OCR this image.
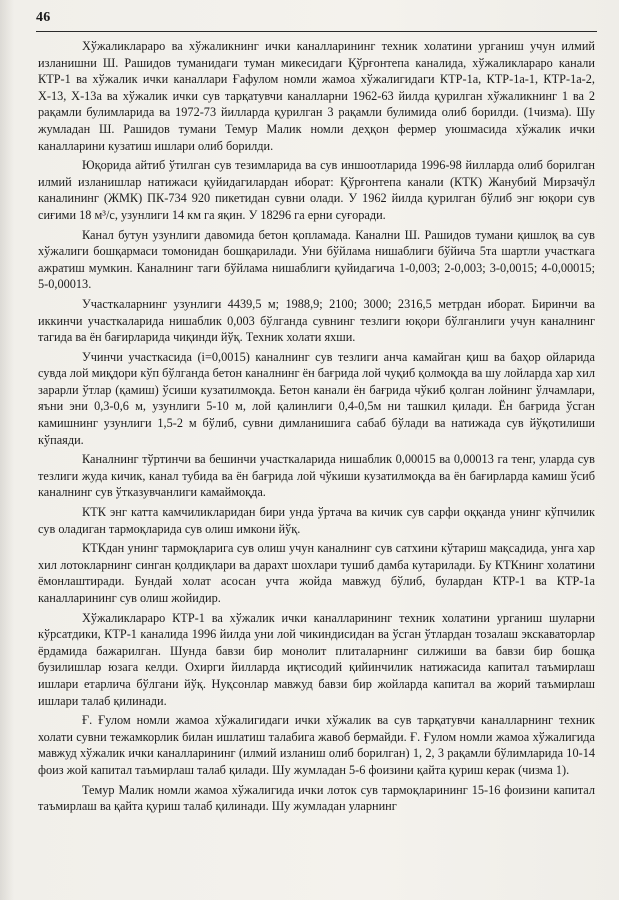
46

Хўжаликлараро ва хўжаликнинг ички каналларининг техник холатини урганиш учун илмий изланишни Ш. Рашидов туманидаги туман микесидаги Қўрғонтепа каналида, хўжаликлараро канали КТР-1 ва хўжалик ички каналлари Ғафулом номли жамоа хўжалигидаги КТР-1а, КТР-1а-1, КТР-1а-2, Х-13, Х-13а ва хўжалик ички сув тарқатувчи каналларни 1962-63 йилда қурилган хўжаликнинг 1 ва 2 рақамли булимларида ва 1972-73 йилларда қурилган 3 рақамли булимида олиб борилди. (1чизма). Шу жумладан Ш. Рашидов тумани Темур Малик номли деҳқон фермер уюшмасида хўжалик ички каналларини кузатиш ишлари олиб борилди.

Юқорида айтиб ўтилган сув тезимларида ва сув иншоотларида 1996-98 йилларда олиб борилган илмий изланишлар натижаси қуйидагилардан иборат: Қўрғонтепа канали (КТК) Жанубий Мирзачўл каналининг (ЖМК) ПК-734 920 пикетидан сувни олади. У 1962 йилда қурилган бўлиб энг юқори сув сиғими 18 м³/с, узунлиги 14 км га яқин. У 18296 га ерни суғоради.

Канал бутун узунлиги давомида бетон қопламада. Канални Ш. Рашидов тумани қишлоқ ва сув хўжалиги бошқармаси томонидан бошқарилади. Уни бўйлама нишаблиги бўйича 5та шартли участкага ажратиш мумкин. Каналнинг таги бўйлама нишаблиги қуйидагича 1-0,003; 2-0,003; 3-0,0015; 4-0,00015; 5-0,00013.

Участкаларнинг узунлиги 4439,5 м; 1988,9; 2100; 3000; 2316,5 метрдан иборат. Биринчи ва иккинчи участкаларида нишаблик 0,003 бўлганда сувнинг тезлиги юқори бўлганлиги учун каналнинг тагида ва ён бағирларида чиқинди йўқ. Техник холати яхши.

Учинчи участкасида (i=0,0015) каналнинг сув тезлиги анча камайган қиш ва баҳор ойларида сувда лой миқдори кўп бўлганда бетон каналнинг ён бағрида лой чуқиб қолмоқда ва шу лойларда хар хил зарарли ўтлар (қамиш) ўсиши кузатилмоқда. Бетон канали ён бағрида чўкиб қолган лойнинг ўлчамлари, яъни эни 0,3-0,6 м, узунлиги 5-10 м, лой қалинлиги 0,4-0,5м ни ташкил қилади. Ён бағрида ўсган камишнинг узунлиги 1,5-2 м бўлиб, сувни димланишига сабаб бўлади ва натижада сув йўқотилиши кўпаяди.

Каналнинг тўртинчи ва бешинчи участкаларида нишаблик 0,00015 ва 0,00013 га тенг, уларда сув тезлиги жуда кичик, канал тубида ва ён бағрида лой чўкиши кузатилмоқда ва ён бағирларда камиш ўсиб каналнинг сув ўтказувчанлиги камаймоқда.

КТК энг катта камчиликларидан бири унда ўртача ва кичик сув сарфи оққанда унинг кўпчилик сув оладиган тармоқларида сув олиш имкони йўқ.

КТКдан унинг тармоқларига сув олиш учун каналнинг сув сатхини кўтариш мақсадида, унга хар хил лотокларнинг синган қолдиқлари ва дарахт шохлари тушиб дамба кутарилади. Бу КТКнинг холатини ёмонлаштиради. Бундай холат асосан учта жойда мавжуд бўлиб, булардан КТР-1 ва КТР-1а каналларининг сув олиш жойидир.

Хўжаликлараро КТР-1 ва хўжалик ички каналларининг техник холатини урганиш шуларни кўрсатдики, КТР-1 каналида 1996 йилда уни лой чикиндисидан ва ўсган ўтлардан тозалаш экскаваторлар ёрдамида бажарилган. Шунда бавзи бир монолит плиталарнинг силжиши ва бавзи бир бошқа бузилишлар юзага келди. Охирги йилларда иқтисодий қийинчилик натижасида капитал таъмирлаш ишлари етарлича бўлгани йўқ. Нуқсонлар мавжуд бавзи бир жойларда капитал ва жорий таъмирлаш ишлари талаб қилинади.

Ғ. Ғулом номли жамоа хўжалигидаги ички хўжалик ва сув тарқатувчи каналларнинг техник холати сувни тежамкорлик билан ишлатиш талабига жавоб бермайди. Ғ. Ғулом номли жамоа хўжалигида мавжуд хўжалик ички каналларининг (илмий изланиш олиб борилган) 1, 2, 3 рақамли бўлимларида 10-14 фоиз жой капитал таъмирлаш талаб қилади. Шу жумладан 5-6 фоизини қайта қуриш керак (чизма 1).

Темур Малик номли жамоа хўжалигида ички лоток сув тармоқларининг 15-16 фоизини капитал таъмирлаш ва қайта қуриш талаб қилинади. Шу жумладан уларнинг
